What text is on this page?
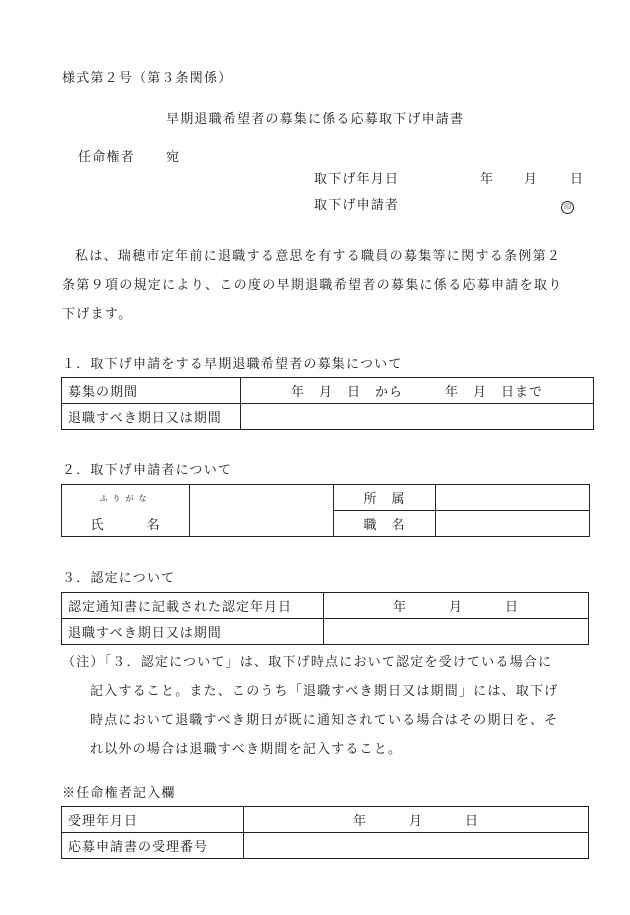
様式第２号（第３条関係）
早期退職希望者の募集に係る応募取下げ申請書
任命権者 宛
取下げ年月日	年 月	日
取下げ申請者	印
私は、瑞穂市定年前に退職する意思を有する職員の募集等に関する条例第２
条第９項の規定により、この度の早期退職希望者の募集に係る応募申請を取り
下げます。
１．取下げ申請をする早期退職希望者の募集について
募集の期間	年　月　日　から　　　年　月　日まで
退職すべき期日又は期間	
２．取下げ申請者について
ふりがな		所　属	
氏　　　名		職　名	
３．認定について
認定通知書に記載された認定年月日	年　　　月　　　日
退職すべき期日又は期間	
（注）「３．認定について」は、取下げ時点において認定を受けている場合に
記入すること。また、このうち「退職すべき期日又は期間」には、取下げ
時点において退職すべき期日が既に通知されている場合はその期日を、そ
れ以外の場合は退職すべき期間を記入すること。
※任命権者記入欄
受理年月日	年　　　月　　　日
応募申請書の受理番号	
